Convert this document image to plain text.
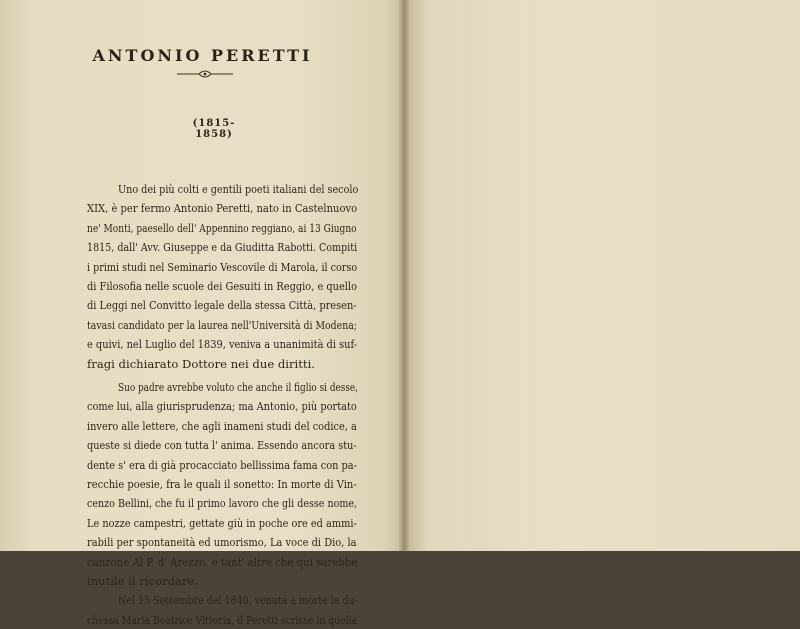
ANTONIO PERETTI
(1815-1858)
Uno dei più colti e gentili poeti italiani del secolo
XIX, è per fermo Antonio Peretti, nato in Castelnuovo
ne' Monti, paesello dell' Appennino reggiano, ai 13 Giugno
1815, dall' Avv. Giuseppe e da Giuditta Rabotti. Compiti
i primi studi nel Seminario Vescovile di Marola, il corso
di Filosofia nelle scuole dei Gesuiti in Reggio, e quello
di Leggi nel Convitto legale della stessa Città, presen-
tavasi candidato per la laurea nell'Università di Modena;
e quivi, nel Luglio del 1839, veniva a unanimità di suf-
fragi dichiarato Dottore nei due diritti.
Suo padre avrebbe voluto che anche il figlio si desse,
come lui, alla giurisprudenza; ma Antonio, più portato
invero alle lettere, che agli inameni studi del codice, a
queste si diede con tutta l' anima. Essendo ancora stu-
dente s' era di già procacciato bellissima fama con pa-
recchie poesie, fra le quali il sonetto: In morte di Vin-
cenzo Bellini, che fu il primo lavoro che gli desse nome,
Le nozze campestri, gettate giù in poche ore ed ammi-
rabili per spontaneità ed umorismo, La voce di Dio, la
canzone Al P. d' Arezzo, e tant' altre che qui sarebbe
inutile il ricordare.
Nel 15 Settembre del 1840, venuta a morte la du-
chessa Maria Beatrice Vittoria, il Peretti scrisse in quella
